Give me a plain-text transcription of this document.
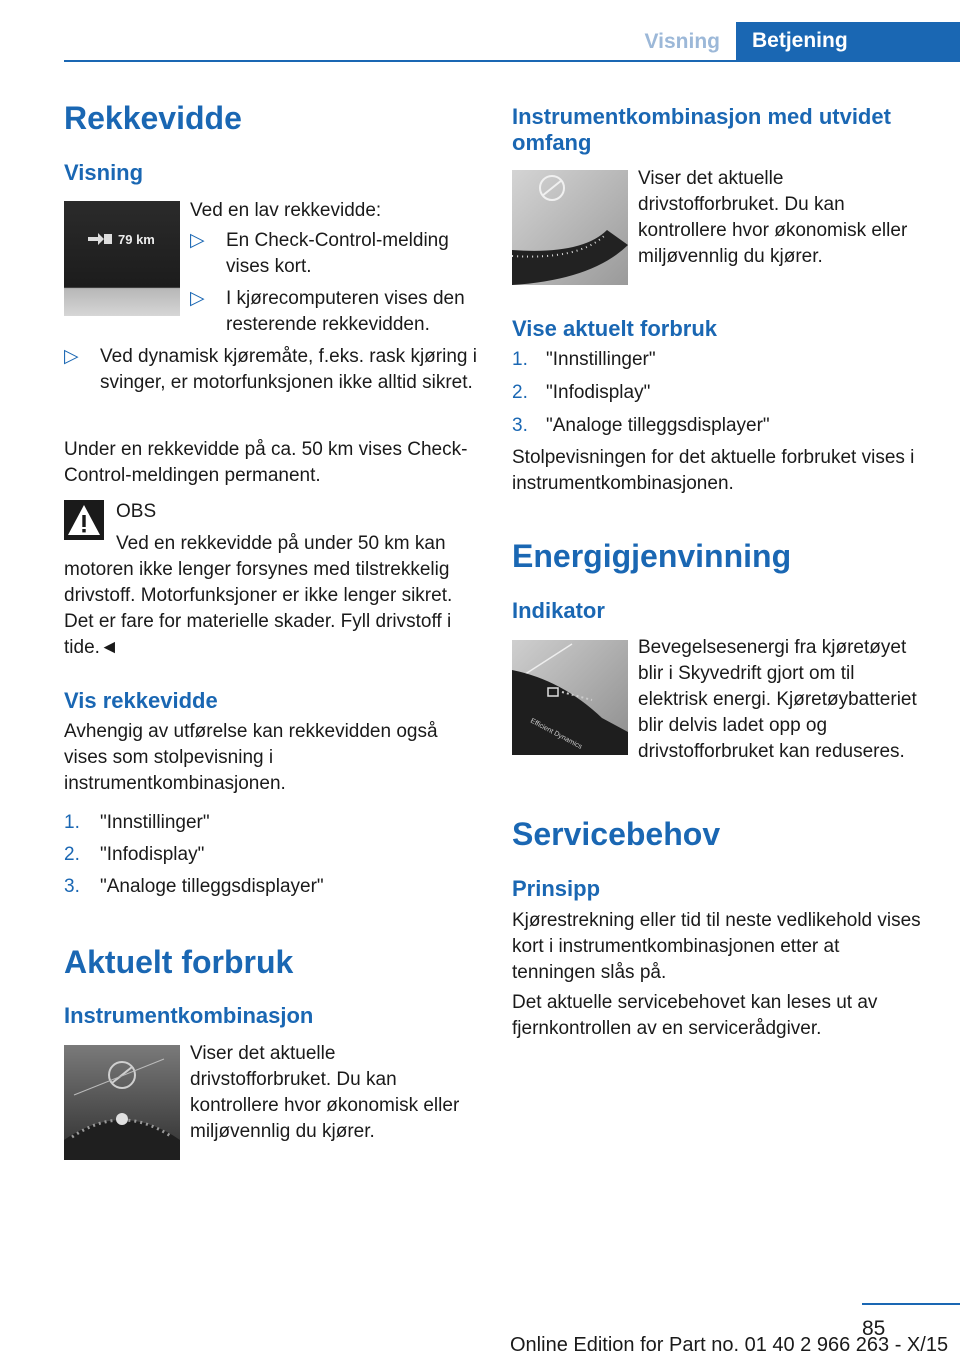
Visning	Betjening
Rekkevidde
Visning
79 km
Ved en lav rekkevidde:
▷ En Check-Control-melding vises kort.
▷ I kjørecomputeren vises den resterende rekkevidden.
▷ Ved dynamisk kjøremåte, f.eks. rask kjøring i svinger, er motorfunksjonen ikke alltid sikret.
Under en rekkevidde på ca. 50 km vises Check-Control-meldingen permanent.
OBS
Ved en rekkevidde på under 50 km kan motoren ikke lenger forsynes med tilstrekkelig drivstoff. Motorfunksjoner er ikke lenger sikret. Det er fare for materielle skader. Fyll drivstoff i tide.◄
Vis rekkevidde
Avhengig av utførelse kan rekkevidden også vises som stolpevisning i instrumentkombinasjonen.
1. "Innstillinger"
2. "Infodisplay"
3. "Analoge tilleggsdisplayer"
Aktuelt forbruk
Instrumentkombinasjon
Viser det aktuelle drivstofforbruket. Du kan kontrollere hvor økonomisk eller miljøvennlig du kjører.
Instrumentkombinasjon med utvidet omfang
Viser det aktuelle drivstofforbruket. Du kan kontrollere hvor økonomisk eller miljøvennlig du kjører.
Vise aktuelt forbruk
1. "Innstillinger"
2. "Infodisplay"
3. "Analoge tilleggsdisplayer"
Stolpevisningen for det aktuelle forbruket vises i instrumentkombinasjonen.
Energigjenvinning
Indikator
Efficient Dynamics
Bevegelsesenergi fra kjøretøyet blir i Skyvedrift gjort om til elektrisk energi. Kjøretøybatteriet blir delvis ladet opp og drivstofforbruket kan reduseres.
Servicebehov
Prinsipp
Kjørestrekning eller tid til neste vedlikehold vises kort i instrumentkombinasjonen etter at tenningen slås på.
Det aktuelle servicebehovet kan leses ut av fjernkontrollen av en servicerådgiver.
85
Online Edition for Part no. 01 40 2 966 263 - X/15
